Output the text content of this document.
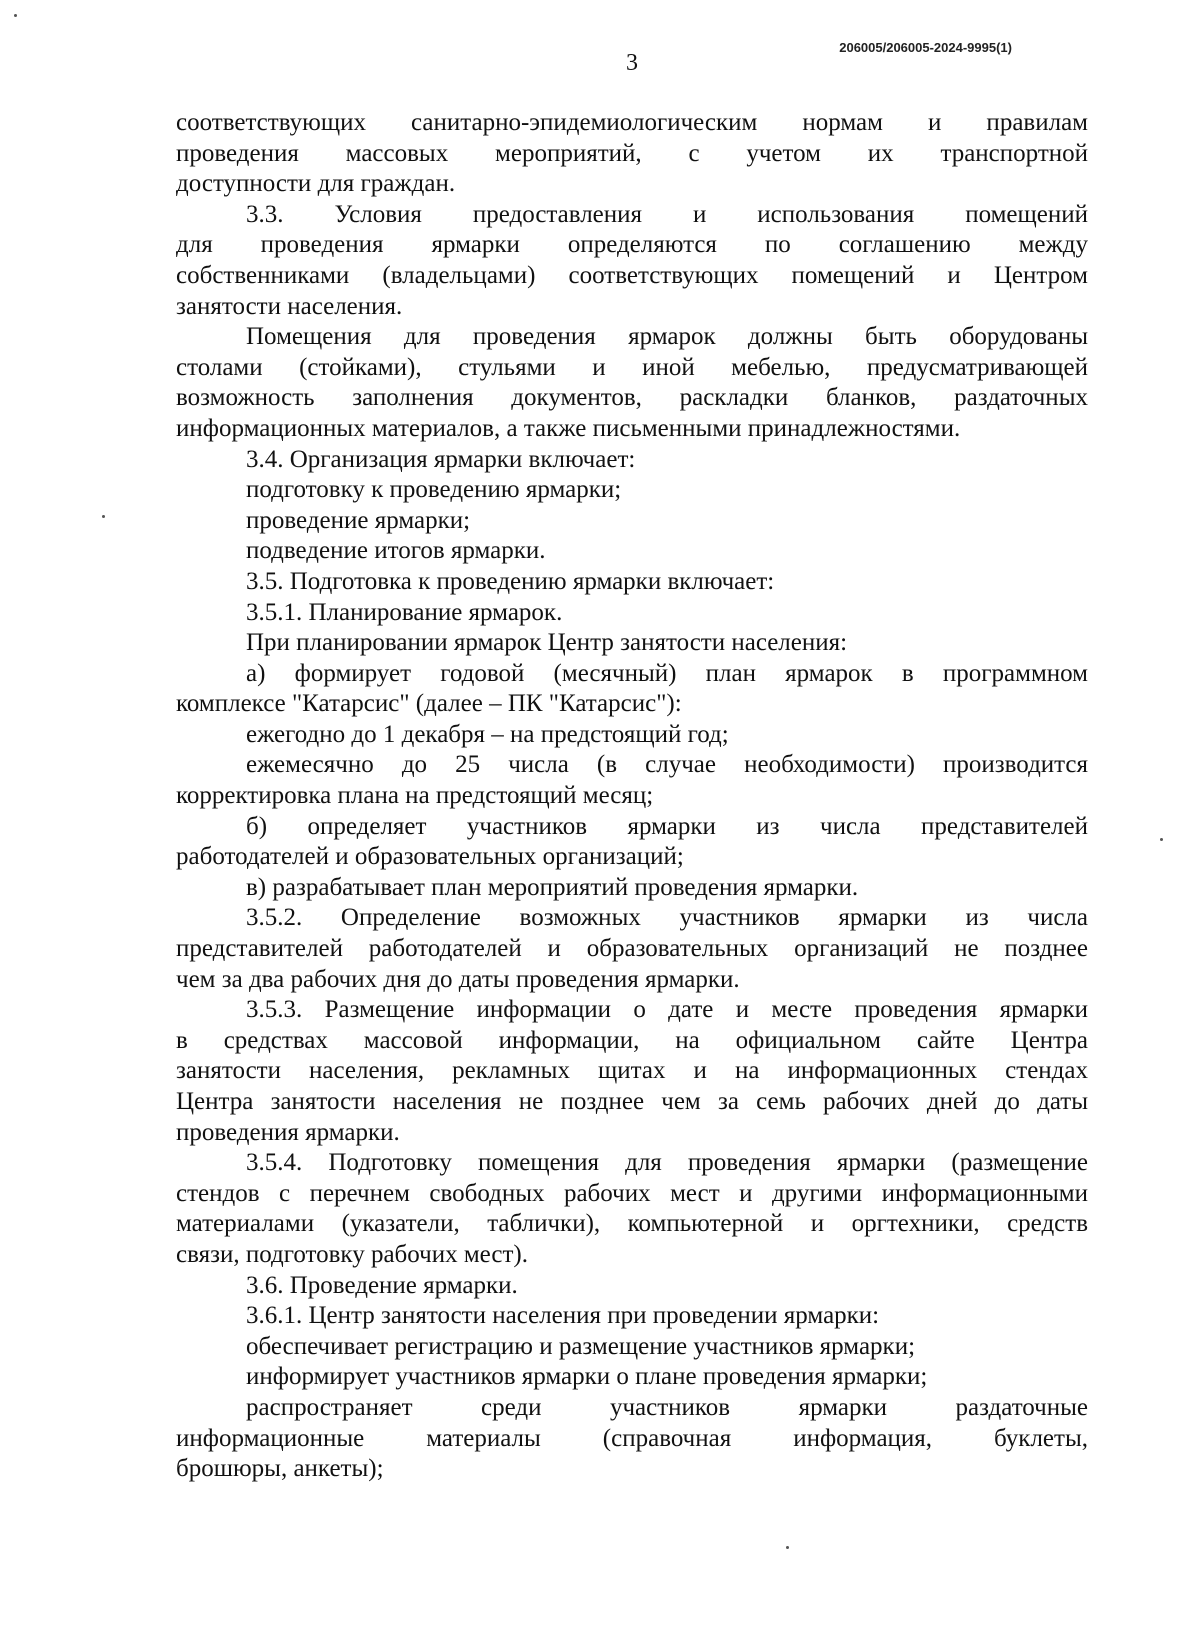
206005/206005-2024-9995(1)
3

соответствующих санитарно-эпидемиологическим нормам и правилам

проведения массовых мероприятий, с учетом их транспортной

доступности для граждан.

3.3. Условия предоставления и использования помещений

для проведения ярмарки определяются по соглашению между

собственниками (владельцами) соответствующих помещений и Центром

занятости населения.

Помещения для проведения ярмарок должны быть оборудованы

столами (стойками), стульями и иной мебелью, предусматривающей

возможность заполнения документов, раскладки бланков, раздаточных

информационных материалов, а также письменными принадлежностями.

3.4. Организация ярмарки включает:

подготовку к проведению ярмарки;

проведение ярмарки;

подведение итогов ярмарки.

3.5. Подготовка к проведению ярмарки включает:

3.5.1. Планирование ярмарок.

При планировании ярмарок Центр занятости населения:

а) формирует годовой (месячный) план ярмарок в программном

комплексе "Катарсис" (далее – ПК "Катарсис"):

ежегодно до 1 декабря – на предстоящий год;

ежемесячно до 25 числа (в случае необходимости) производится

корректировка плана на предстоящий месяц;

б) определяет участников ярмарки из числа представителей

работодателей и образовательных организаций;

в) разрабатывает план мероприятий проведения ярмарки.

3.5.2. Определение возможных участников ярмарки из числа

представителей работодателей и образовательных организаций не позднее

чем за два рабочих дня до даты проведения ярмарки.

3.5.3. Размещение информации о дате и месте проведения ярмарки

в средствах массовой информации, на официальном сайте Центра

занятости населения, рекламных щитах и на информационных стендах

Центра занятости населения не позднее чем за семь рабочих дней до даты

проведения ярмарки.

3.5.4. Подготовку помещения для проведения ярмарки (размещение

стендов с перечнем свободных рабочих мест и другими информационными

материалами (указатели, таблички), компьютерной и оргтехники, средств

связи, подготовку рабочих мест).

3.6. Проведение ярмарки.

3.6.1. Центр занятости населения при проведении ярмарки:

обеспечивает регистрацию и размещение участников ярмарки;

информирует участников ярмарки о плане проведения ярмарки;

распространяет среди участников ярмарки раздаточные

информационные материалы (справочная информация, буклеты,

брошюры, анкеты);
